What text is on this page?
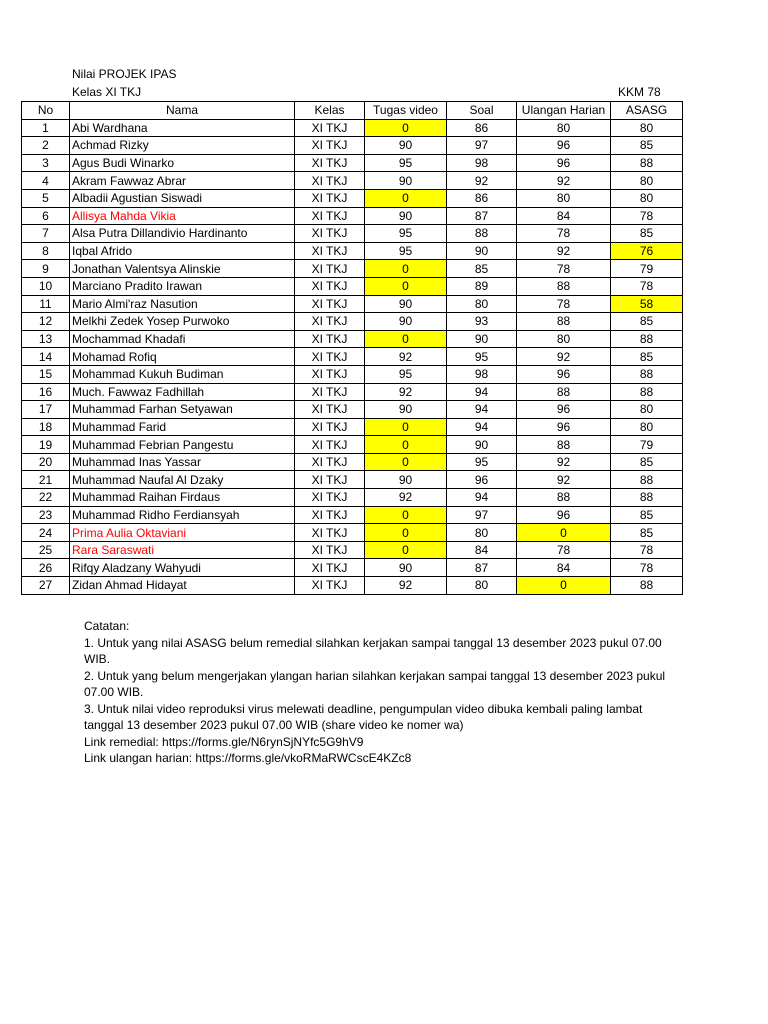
Nilai PROJEK IPAS
Kelas XI TKJ	KKM 78
No	Nama	Kelas	Tugas video	Soal	Ulangan Harian	ASASG
1	Abi Wardhana	XI TKJ	0	86	80	80
2	Achmad Rizky	XI TKJ	90	97	96	85
3	Agus Budi Winarko	XI TKJ	95	98	96	88
4	Akram Fawwaz Abrar	XI TKJ	90	92	92	80
5	Albadii Agustian Siswadi	XI TKJ	0	86	80	80
6	Allisya Mahda Vikia	XI TKJ	90	87	84	78
7	Alsa Putra Dillandivio Hardinanto	XI TKJ	95	88	78	85
8	Iqbal Afrido	XI TKJ	95	90	92	76
9	Jonathan Valentsya Alinskie	XI TKJ	0	85	78	79
10	Marciano Pradito Irawan	XI TKJ	0	89	88	78
11	Mario Almi'raz Nasution	XI TKJ	90	80	78	58
12	Melkhi Zedek Yosep Purwoko	XI TKJ	90	93	88	85
13	Mochammad Khadafi	XI TKJ	0	90	80	88
14	Mohamad Rofiq	XI TKJ	92	95	92	85
15	Mohammad Kukuh Budiman	XI TKJ	95	98	96	88
16	Much. Fawwaz Fadhillah	XI TKJ	92	94	88	88
17	Muhammad Farhan Setyawan	XI TKJ	90	94	96	80
18	Muhammad Farid	XI TKJ	0	94	96	80
19	Muhammad Febrian Pangestu	XI TKJ	0	90	88	79
20	Muhammad Inas Yassar	XI TKJ	0	95	92	85
21	Muhammad Naufal Al Dzaky	XI TKJ	90	96	92	88
22	Muhammad Raihan Firdaus	XI TKJ	92	94	88	88
23	Muhammad Ridho Ferdiansyah	XI TKJ	0	97	96	85
24	Prima Aulia Oktaviani	XI TKJ	0	80	0	85
25	Rara Saraswati	XI TKJ	0	84	78	78
26	Rifqy Aladzany Wahyudi	XI TKJ	90	87	84	78
27	Zidan Ahmad Hidayat	XI TKJ	92	80	0	88
Catatan:
1. Untuk yang nilai ASASG belum remedial silahkan kerjakan sampai tanggal 13 desember 2023 pukul 07.00 WIB.
2. Untuk yang belum mengerjakan ylangan harian silahkan kerjakan sampai tanggal 13 desember 2023 pukul 07.00 WIB.
3. Untuk nilai video reproduksi virus melewati deadline, pengumpulan video dibuka kembali paling lambat tanggal 13 desember 2023 pukul 07.00 WIB (share video ke nomer wa)
Link remedial: https://forms.gle/N6rynSjNYfc5G9hV9
Link ulangan harian: https://forms.gle/vkoRMaRWCscE4KZc8
